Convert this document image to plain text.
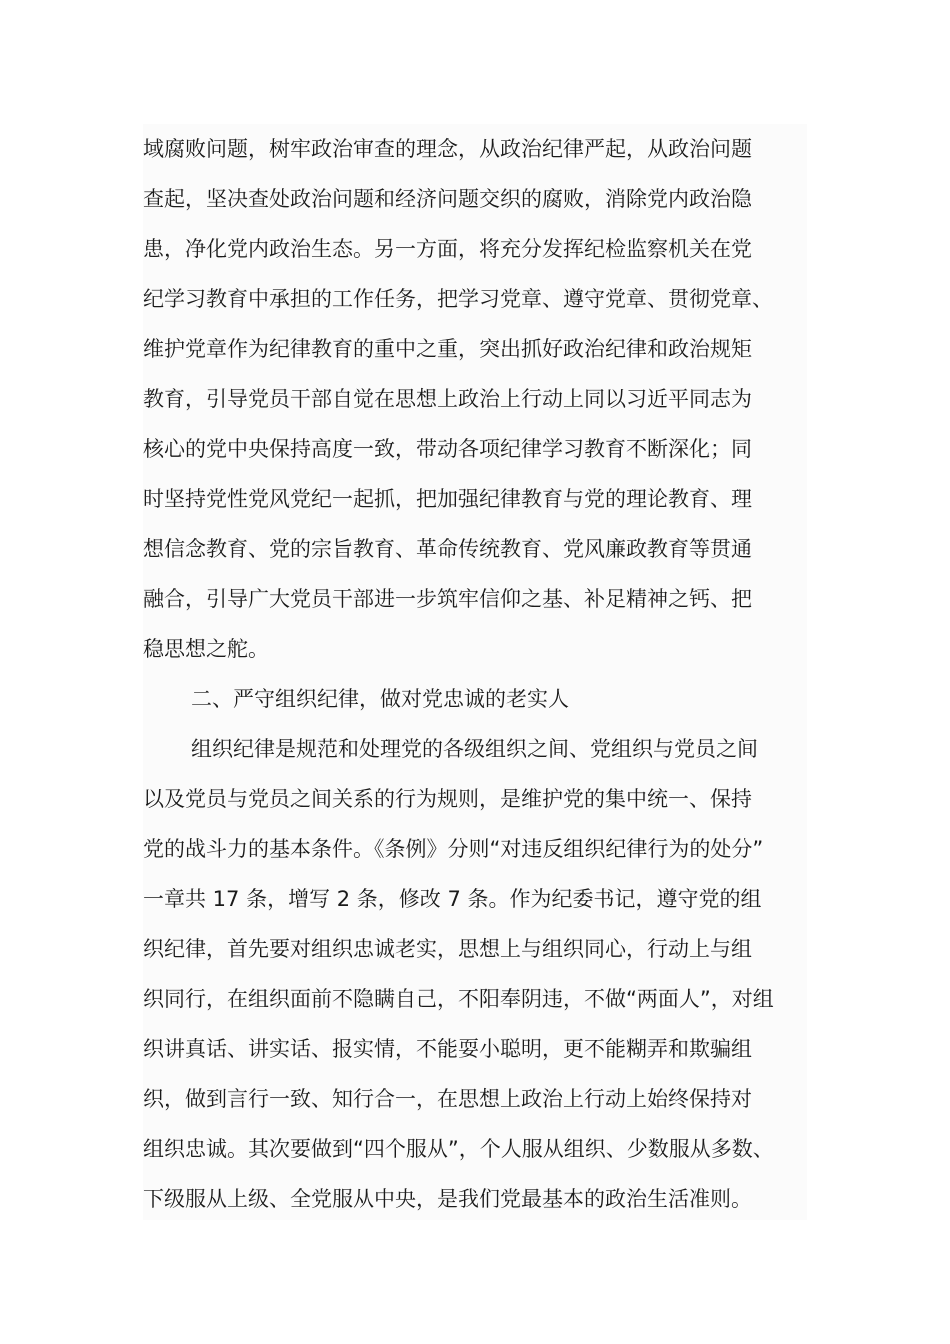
域腐败问题，树牢政治审查的理念，从政治纪律严起，从政治问题
查起，坚决查处政治问题和经济问题交织的腐败，消除党内政治隐
患，净化党内政治生态。另一方面，将充分发挥纪检监察机关在党
纪学习教育中承担的工作任务，把学习党章、遵守党章、贯彻党章、
维护党章作为纪律教育的重中之重，突出抓好政治纪律和政治规矩
教育，引导党员干部自觉在思想上政治上行动上同以习近平同志为
核心的党中央保持高度一致，带动各项纪律学习教育不断深化；同
时坚持党性党风党纪一起抓，把加强纪律教育与党的理论教育、理
想信念教育、党的宗旨教育、革命传统教育、党风廉政教育等贯通
融合，引导广大党员干部进一步筑牢信仰之基、补足精神之钙、把
稳思想之舵。
二、严守组织纪律，做对党忠诚的老实人
组织纪律是规范和处理党的各级组织之间、党组织与党员之间
以及党员与党员之间关系的行为规则，是维护党的集中统一、保持
党的战斗力的基本条件。《条例》分则“对违反组织纪律行为的处分”
一章共 17 条，增写 2 条，修改 7 条。作为纪委书记，遵守党的组
织纪律，首先要对组织忠诚老实，思想上与组织同心，行动上与组
织同行，在组织面前不隐瞒自己，不阳奉阴违，不做“两面人”，对组
织讲真话、讲实话、报实情，不能耍小聪明，更不能糊弄和欺骗组
织，做到言行一致、知行合一，在思想上政治上行动上始终保持对
组织忠诚。其次要做到“四个服从”，个人服从组织、少数服从多数、
下级服从上级、全党服从中央，是我们党最基本的政治生活准则。
